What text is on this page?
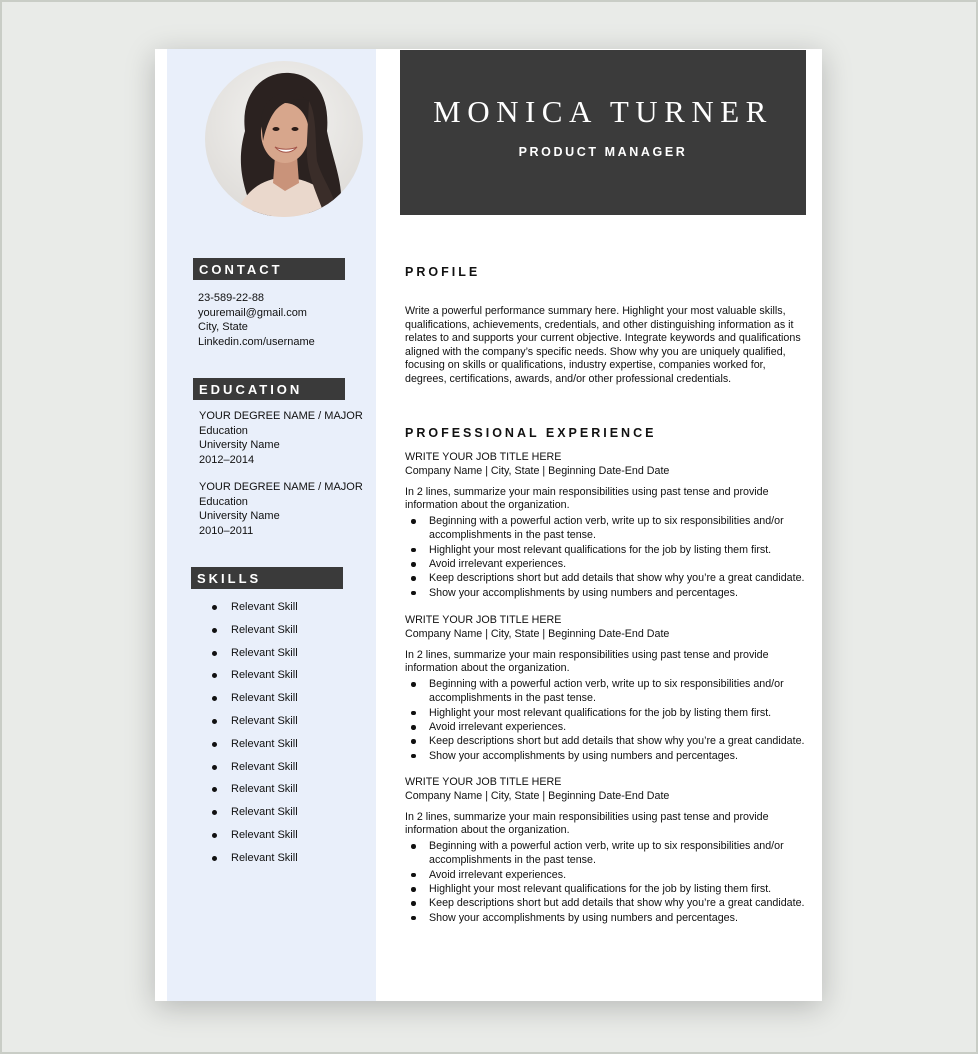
CONTACT
23-589-22-88
youremail@gmail.com
City, State
Linkedin.com/username
EDUCATION
YOUR DEGREE NAME / MAJOR
Education
University Name
2012–2014
YOUR DEGREE NAME / MAJOR
Education
University Name
2010–2011
SKILLS
Relevant Skill
Relevant Skill
Relevant Skill
Relevant Skill
Relevant Skill
Relevant Skill
Relevant Skill
Relevant Skill
Relevant Skill
Relevant Skill
Relevant Skill
Relevant Skill
MONICA TURNER
PRODUCT MANAGER
PROFILE
Write a powerful performance summary here. Highlight your most valuable skills,
qualifications, achievements, credentials, and other distinguishing information as it
relates to and supports your current objective. Integrate keywords and qualifications
aligned with the company’s specific needs. Show why you are uniquely qualified,
focusing on skills or qualifications, industry expertise, companies worked for,
degrees, certifications, awards, and/or other professional credentials.
PROFESSIONAL EXPERIENCE
WRITE YOUR JOB TITLE HERE
Company Name | City, State | Beginning Date-End Date
In 2 lines, summarize your main responsibilities using past tense and provide
information about the organization.
Beginning with a powerful action verb, write up to six responsibilities and/or
accomplishments in the past tense.
Highlight your most relevant qualifications for the job by listing them first.
Avoid irrelevant experiences.
Keep descriptions short but add details that show why you’re a great candidate.
Show your accomplishments by using numbers and percentages.
WRITE YOUR JOB TITLE HERE
Company Name | City, State | Beginning Date-End Date
In 2 lines, summarize your main responsibilities using past tense and provide
information about the organization.
Beginning with a powerful action verb, write up to six responsibilities and/or
accomplishments in the past tense.
Highlight your most relevant qualifications for the job by listing them first.
Avoid irrelevant experiences.
Keep descriptions short but add details that show why you’re a great candidate.
Show your accomplishments by using numbers and percentages.
WRITE YOUR JOB TITLE HERE
Company Name | City, State | Beginning Date-End Date
In 2 lines, summarize your main responsibilities using past tense and provide
information about the organization.
Beginning with a powerful action verb, write up to six responsibilities and/or
accomplishments in the past tense.
Avoid irrelevant experiences.
Highlight your most relevant qualifications for the job by listing them first.
Keep descriptions short but add details that show why you’re a great candidate.
Show your accomplishments by using numbers and percentages.
